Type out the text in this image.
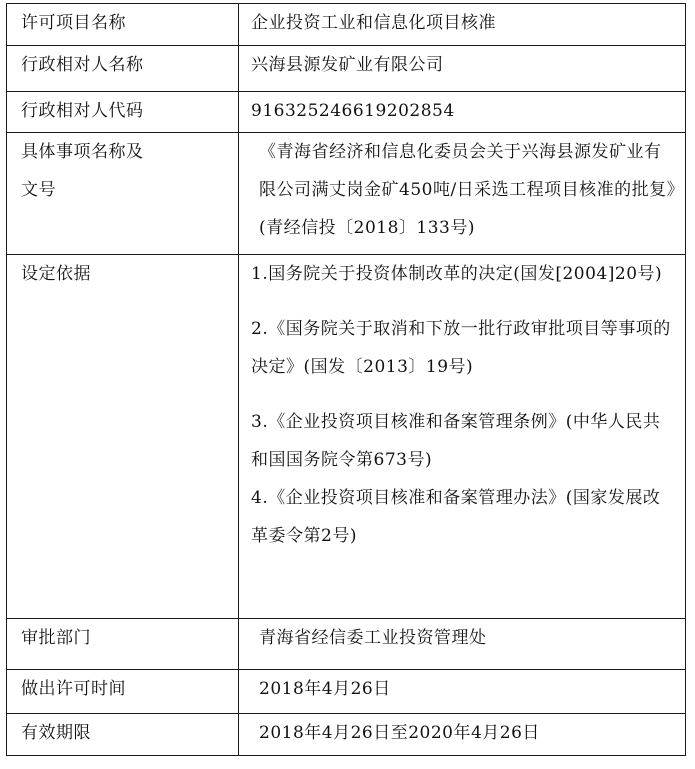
许可项目名称	企业投资工业和信息化项目核准
行政相对人名称	兴海县源发矿业有限公司
行政相对人代码	916325246619202854

具体事项名称及
文号	《青海省经济和信息化委员会关于兴海县源发矿业有限公司满丈岗金矿450吨/日采选工程项目核准的批复》(青经信投〔2018〕133号)

设定依据	1.国务院关于投资体制改革的决定(国发[2004]20号)
2.《国务院关于取消和下放一批行政审批项目等事项的决定》(国发〔2013〕19号)
3.《企业投资项目核准和备案管理条例》(中华人民共和国国务院令第673号)
4.《企业投资项目核准和备案管理办法》(国家发展改革委令第2号)

审批部门	青海省经信委工业投资管理处
做出许可时间	2018年4月26日
有效期限	2018年4月26日至2020年4月26日
